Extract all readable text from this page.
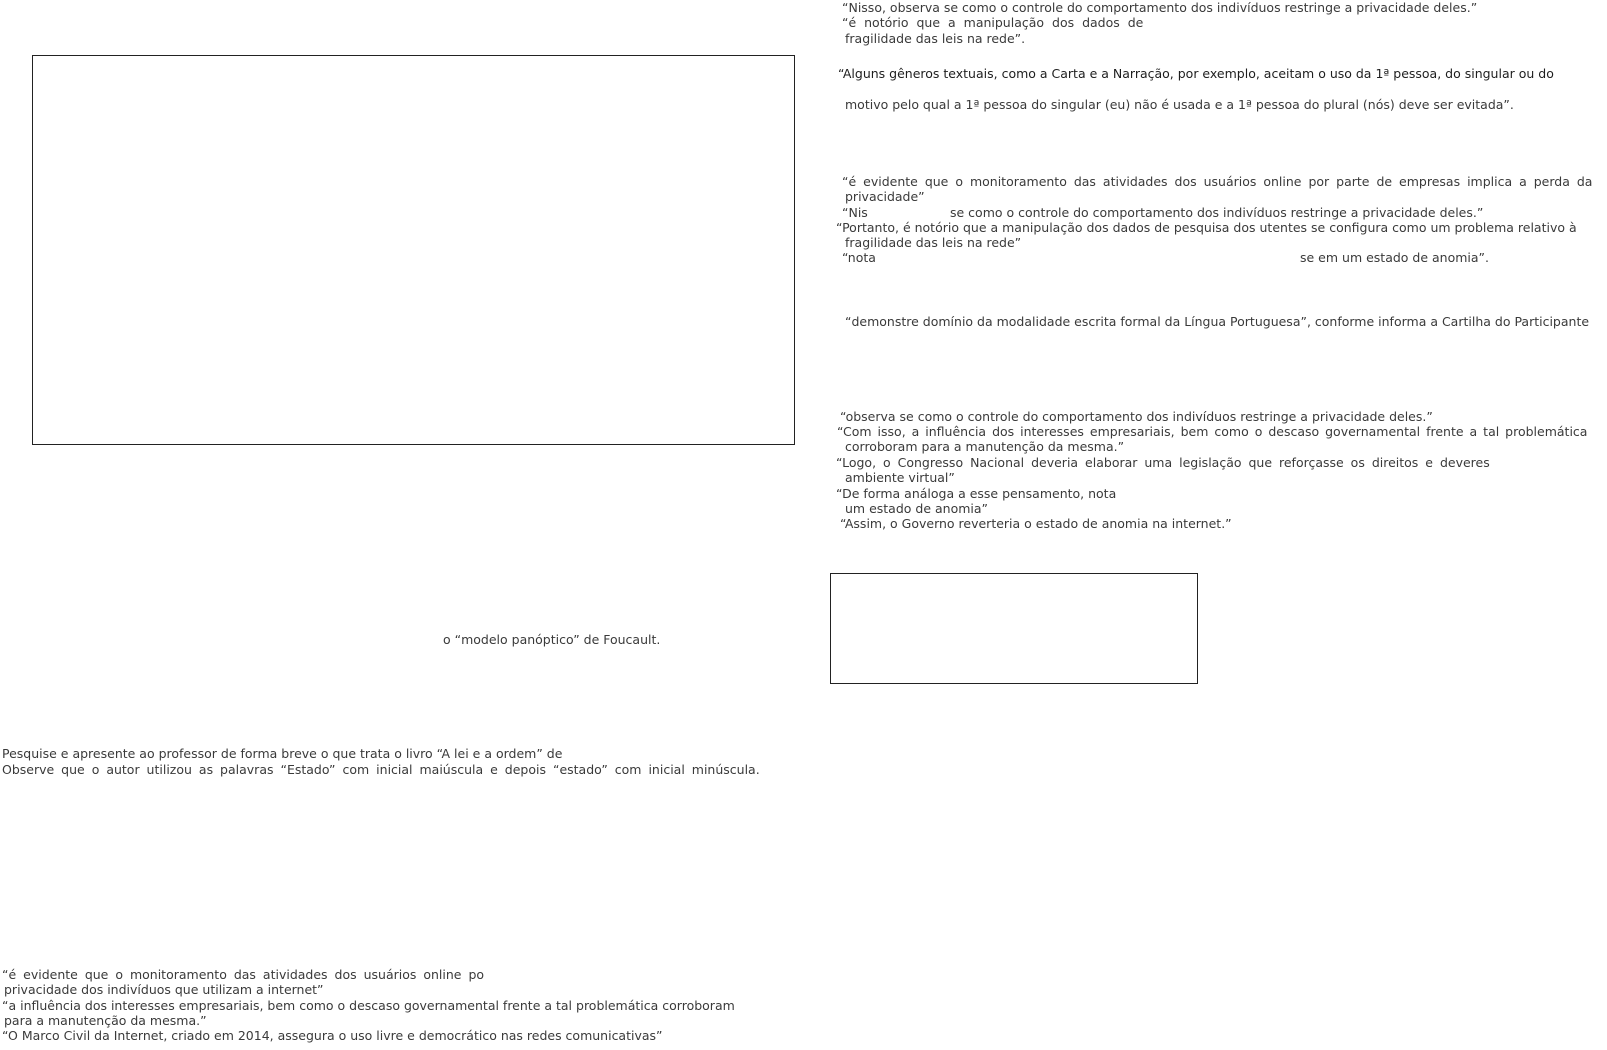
“Nisso, observa se como o controle do comportamento dos indivíduos restringe a privacidade deles.”
“é notório que a manipulação dos dados de
fragilidade das leis na rede”.
“Alguns gêneros textuais, como a Carta e a Narração, por exemplo, aceitam o uso da 1ª pessoa, do singular ou do
motivo pelo qual a 1ª pessoa do singular (eu) não é usada e a 1ª pessoa do plural (nós) deve ser evitada”.
“é evidente que o monitoramento das atividades dos usuários online por parte de empresas implica a perda da
privacidade”
“Nis	se como o controle do comportamento dos indivíduos restringe a privacidade deles.”
“Portanto, é notório que a manipulação dos dados de pesquisa dos utentes se configura como um problema relativo à
fragilidade das leis na rede”
“nota	se em um estado de anomia”.
“demonstre domínio da modalidade escrita formal da Língua Portuguesa”, conforme informa a Cartilha do Participante
“observa se como o controle do comportamento dos indivíduos restringe a privacidade deles.”
“Com isso, a influência dos interesses empresariais, bem como o descaso governamental frente a tal problemática
corroboram para a manutenção da mesma.”
“Logo, o Congresso Nacional deveria elaborar uma legislação que reforçasse os direitos e deveres
ambiente virtual”
“De forma análoga a esse pensamento, nota
um estado de anomia”
“Assim, o Governo reverteria o estado de anomia na internet.”
o “modelo panóptico” de Foucault.
Pesquise e apresente ao professor de forma breve o que trata o livro “A lei e a ordem” de
Observe que o autor utilizou as palavras “Estado” com inicial maiúscula e depois “estado” com inicial minúscula.
“é evidente que o monitoramento das atividades dos usuários online po
privacidade dos indivíduos que utilizam a internet”
“a influência dos interesses empresariais, bem como o descaso governamental frente a tal problemática corroboram
para a manutenção da mesma.”
“O Marco Civil da Internet, criado em 2014, assegura o uso livre e democrático nas redes comunicativas”
